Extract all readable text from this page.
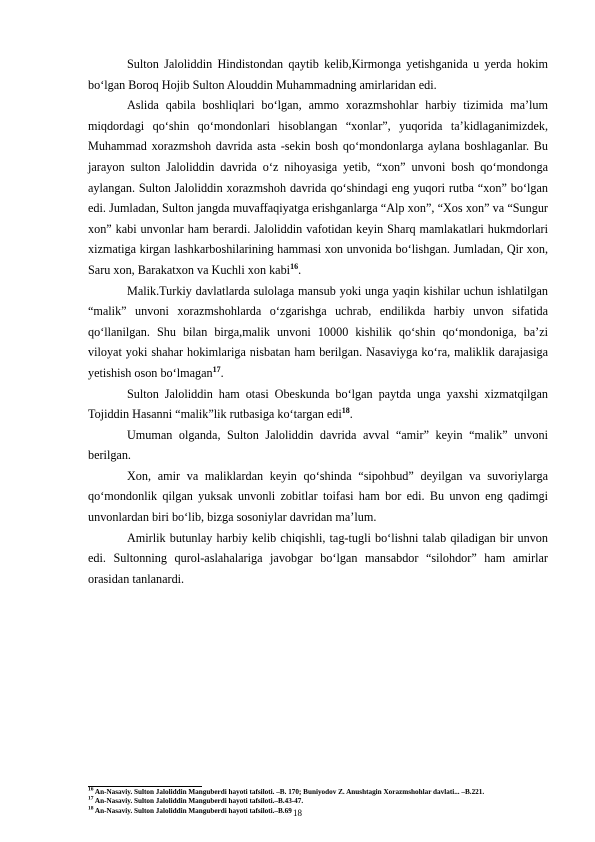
Sulton Jaloliddin Hindistondan qaytib kelib,Kirmonga yetishganida u yerda hokim bo‘lgan Boroq Hojib Sulton Alouddin Muhammadning amirlaridan edi.

Aslida qabila boshliqlari bo‘lgan, ammo xorazmshohlar harbiy tizimida ma’lum miqdordagi qo‘shin qo‘mondonlari hisoblangan “xonlar”, yuqorida ta’kidlaganimizdek, Muhammad xorazmshoh davrida asta -sekin bosh qo‘mondonlarga aylana boshlaganlar. Bu jarayon sulton Jaloliddin davrida o‘z nihoyasiga yetib, “xon” unvoni bosh qo‘mondonga aylangan. Sulton Jaloliddin xorazmshoh davrida qo‘shindagi eng yuqori rutba “xon” bo‘lgan edi. Jumladan, Sulton jangda muvaffaqiyatga erishganlarga “Alp xon”, “Xos xon” va “Sungur xon” kabi unvonlar ham berardi. Jaloliddin vafotidan keyin Sharq mamlakatlari hukmdorlari xizmatiga kirgan lashkarboshilarining hammasi xon unvonida bo‘lishgan. Jumladan, Qir xon, Saru xon, Barakatxon va Kuchli xon kabi$^{16}$.

Malik.Turkiy davlatlarda sulolaga mansub yoki unga yaqin kishilar uchun ishlatilgan “malik” unvoni xorazmshohlarda o‘zgarishga uchrab, endilikda harbiy unvon sifatida qo‘llanilgan. Shu bilan birga,malik unvoni 10000 kishilik qo‘shin qo‘mondoniga, ba’zi viloyat yoki shahar hokimlariga nisbatan ham berilgan. Nasaviyga ko‘ra, maliklik darajasiga yetishish oson bo‘lmagan$^{17}$.

Sulton Jaloliddin ham otasi Obeskunda bo‘lgan paytda unga yaxshi xizmatqilgan Tojiddin Hasanni “malik”lik rutbasiga ko‘targan edi$^{18}$.

Umuman olganda, Sulton Jaloliddin davrida avval “amir” keyin “malik” unvoni berilgan.

Xon, amir va maliklardan keyin qo‘shinda “sipohbud” deyilgan va suvoriylarga qo‘mondonlik qilgan yuksak unvonli zobitlar toifasi ham bor edi. Bu unvon eng qadimgi unvonlardan biri bo‘lib, bizga sosoniylar davridan ma’lum.

Amirlik butunlay harbiy kelib chiqishli, tag-tugli bo‘lishni talab qiladigan bir unvon edi. Sultonning qurol-aslahalariga javobgar bo‘lgan mansabdor “silohdor” ham amirlar orasidan tanlanardi.

$^{16}$ An-Nasaviy. Sulton Jaloliddin Manguberdi hayoti tafsiloti. –B. 170; Buniyodov Z. Anushtagin Xorazmshohlar davlati... –B.221.

$^{17}$ An-Nasaviy. Sulton Jaloliddin Manguberdi hayoti tafsiloti.–B.43-47.

$^{18}$ An-Nasaviy. Sulton Jaloliddin Manguberdi hayoti tafsiloti.–B.69 18
